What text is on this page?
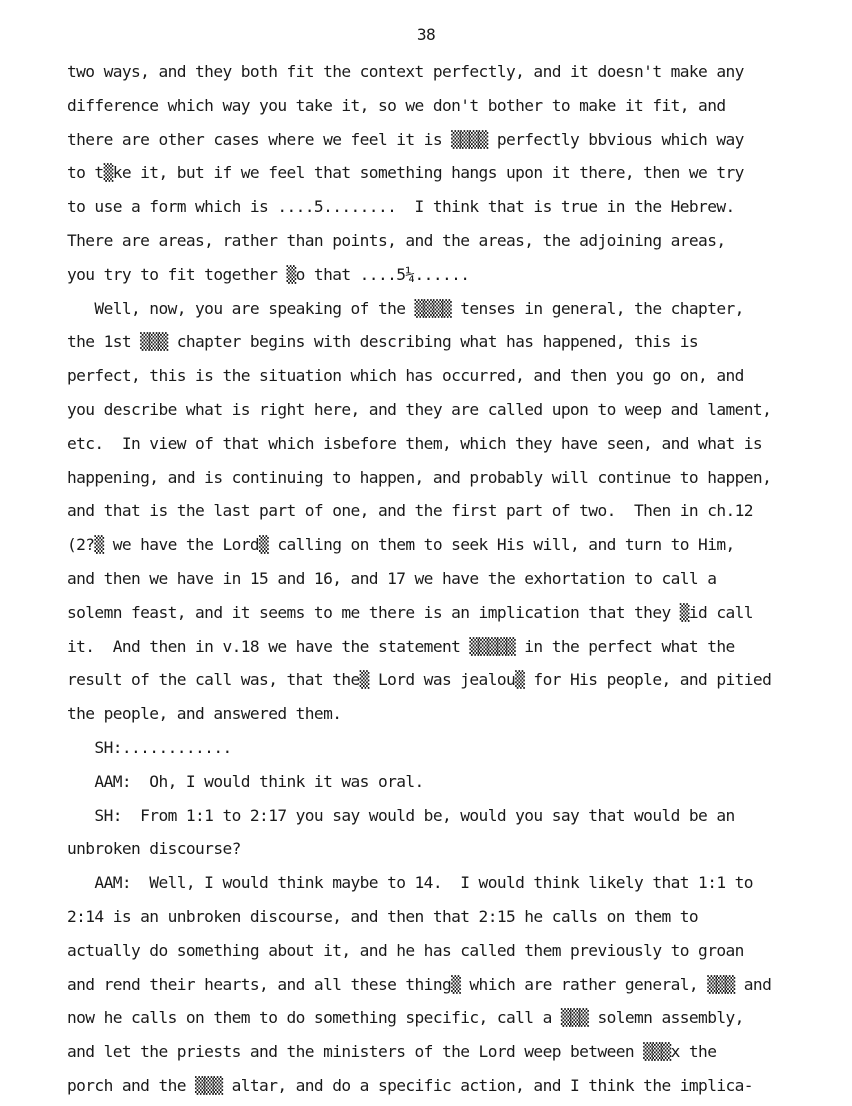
38
two ways, and they both fit the context perfectly, and it doesn't make any
difference which way you take it, so we don't bother to make it fit, and
there are other cases where we feel it is ▒▒▒▒ perfectly bbvious which way
to t▒ke it, but if we feel that something hangs upon it there, then we try
to use a form which is ....5........  I think that is true in the Hebrew.
There are areas, rather than points, and the areas, the adjoining areas,
you try to fit together ▒o that ....5¼......
Well, now, you are speaking of the ▒▒▒▒ tenses in general, the chapter,
the 1st ▒▒▒ chapter begins with describing what has happened, this is
perfect, this is the situation which has occurred, and then you go on, and
you describe what is right here, and they are called upon to weep and lament,
etc.  In view of that which isbefore them, which they have seen, and what is
happening, and is continuing to happen, and probably will continue to happen,
and that is the last part of one, and the first part of two.  Then in ch.12
(2?▒ we have the Lord▒ calling on them to seek His will, and turn to Him,
and then we have in 15 and 16, and 17 we have the exhortation to call a
solemn feast, and it seems to me there is an implication that they ▒id call
it.  And then in v.18 we have the statement ▒▒▒▒▒ in the perfect what the
result of the call was, that the▒ Lord was jealou▒ for His people, and pitied
the people, and answered them.
SH:............
AAM:  Oh, I would think it was oral.
SH:  From 1:1 to 2:17 you say would be, would you say that would be an
unbroken discourse?
AAM:  Well, I would think maybe to 14.  I would think likely that 1:1 to
2:14 is an unbroken discourse, and then that 2:15 he calls on them to
actually do something about it, and he has called them previously to groan
and rend their hearts, and all these thing▒ which are rather general, ▒▒▒ and
now he calls on them to do something specific, call a ▒▒▒ solemn assembly,
and let the priests and the ministers of the Lord weep between ▒▒▒x the
porch and the ▒▒▒ altar, and do a specific action, and I think the implica-
